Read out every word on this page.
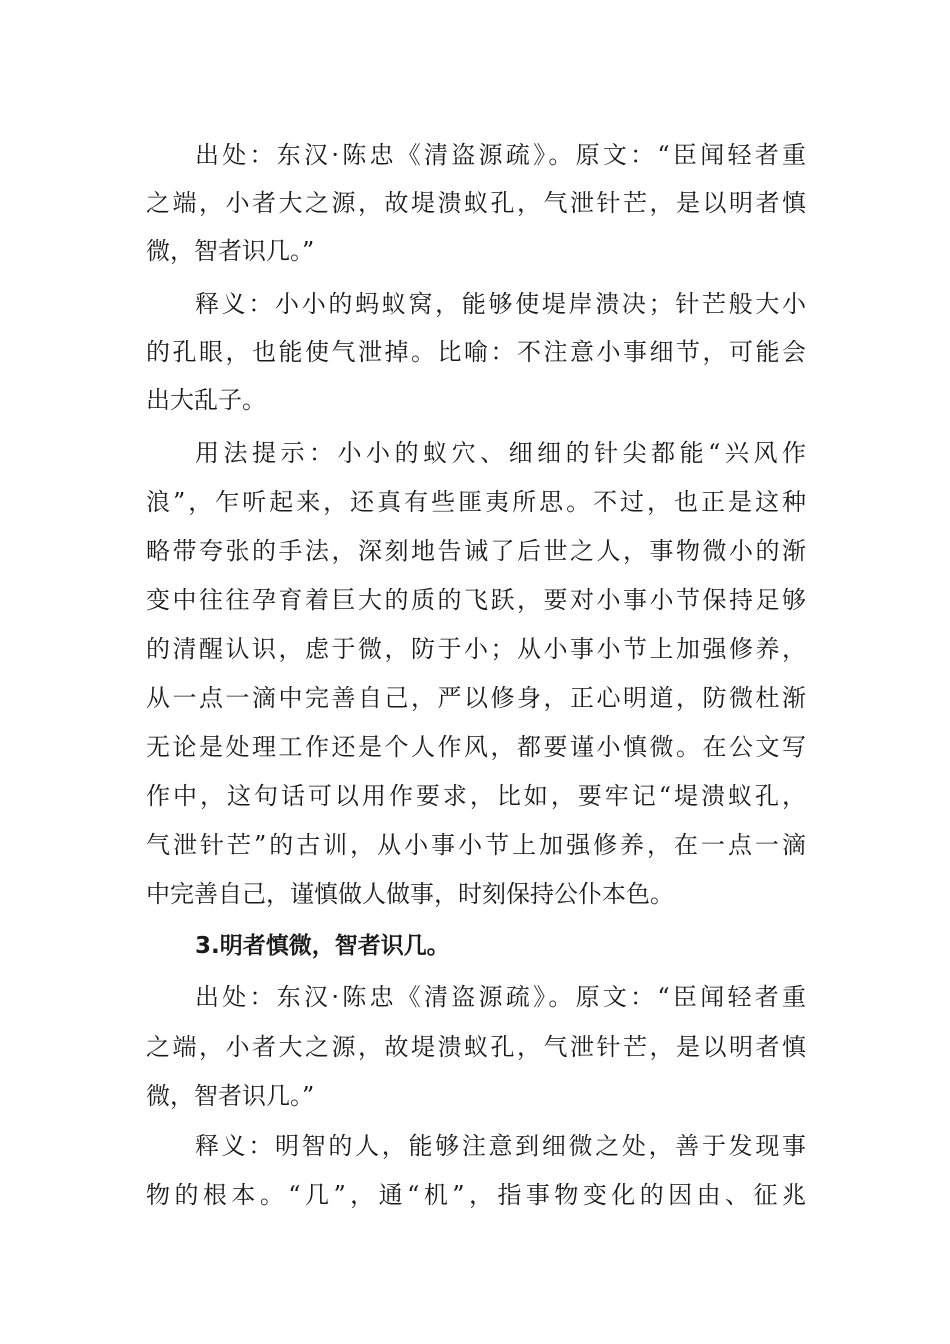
出处：东汉·陈忠《清盗源疏》。原文：“臣闻轻者重
之端，小者大之源，故堤溃蚁孔，气泄针芒，是以明者慎
微，智者识几。”
释义：小小的蚂蚁窝，能够使堤岸溃决；针芒般大小
的孔眼，也能使气泄掉。比喻：不注意小事细节，可能会
出大乱子。
用法提示：小小的蚁穴、细细的针尖都能“兴风作
浪”，乍听起来，还真有些匪夷所思。不过，也正是这种
略带夸张的手法，深刻地告诫了后世之人，事物微小的渐
变中往往孕育着巨大的质的飞跃，要对小事小节保持足够
的清醒认识，虑于微，防于小；从小事小节上加强修养，
从一点一滴中完善自己，严以修身，正心明道，防微杜渐
无论是处理工作还是个人作风，都要谨小慎微。在公文写
作中，这句话可以用作要求，比如，要牢记“堤溃蚁孔，
气泄针芒”的古训，从小事小节上加强修养，在一点一滴
中完善自己，谨慎做人做事，时刻保持公仆本色。
3.明者慎微，智者识几。
出处：东汉·陈忠《清盗源疏》。原文：“臣闻轻者重
之端，小者大之源，故堤溃蚁孔，气泄针芒，是以明者慎
微，智者识几。”
释义：明智的人，能够注意到细微之处，善于发现事
物的根本。“几”，通“机”，指事物变化的因由、征兆
